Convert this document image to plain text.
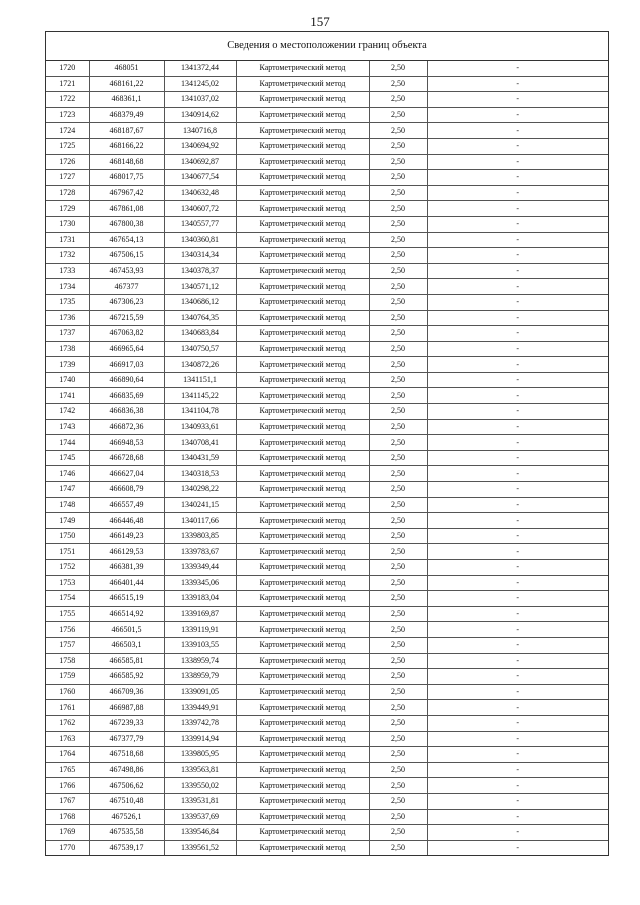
157
Сведения о местоположении границ объекта
1720	468051	1341372,44	Картометрический метод	2,50	-
1721	468161,22	1341245,02	Картометрический метод	2,50	-
1722	468361,1	1341037,02	Картометрический метод	2,50	-
1723	468379,49	1340914,62	Картометрический метод	2,50	-
1724	468187,67	1340716,8	Картометрический метод	2,50	-
1725	468166,22	1340694,92	Картометрический метод	2,50	-
1726	468148,68	1340692,87	Картометрический метод	2,50	-
1727	468017,75	1340677,54	Картометрический метод	2,50	-
1728	467967,42	1340632,48	Картометрический метод	2,50	-
1729	467861,08	1340607,72	Картометрический метод	2,50	-
1730	467800,38	1340557,77	Картометрический метод	2,50	-
1731	467654,13	1340360,81	Картометрический метод	2,50	-
1732	467506,15	1340314,34	Картометрический метод	2,50	-
1733	467453,93	1340378,37	Картометрический метод	2,50	-
1734	467377	1340571,12	Картометрический метод	2,50	-
1735	467306,23	1340686,12	Картометрический метод	2,50	-
1736	467215,59	1340764,35	Картометрический метод	2,50	-
1737	467063,82	1340683,84	Картометрический метод	2,50	-
1738	466965,64	1340750,57	Картометрический метод	2,50	-
1739	466917,03	1340872,26	Картометрический метод	2,50	-
1740	466890,64	1341151,1	Картометрический метод	2,50	-
1741	466835,69	1341145,22	Картометрический метод	2,50	-
1742	466836,38	1341104,78	Картометрический метод	2,50	-
1743	466872,36	1340933,61	Картометрический метод	2,50	-
1744	466948,53	1340708,41	Картометрический метод	2,50	-
1745	466728,68	1340431,59	Картометрический метод	2,50	-
1746	466627,04	1340318,53	Картометрический метод	2,50	-
1747	466608,79	1340298,22	Картометрический метод	2,50	-
1748	466557,49	1340241,15	Картометрический метод	2,50	-
1749	466446,48	1340117,66	Картометрический метод	2,50	-
1750	466149,23	1339803,85	Картометрический метод	2,50	-
1751	466129,53	1339783,67	Картометрический метод	2,50	-
1752	466381,39	1339349,44	Картометрический метод	2,50	-
1753	466401,44	1339345,06	Картометрический метод	2,50	-
1754	466515,19	1339183,04	Картометрический метод	2,50	-
1755	466514,92	1339169,87	Картометрический метод	2,50	-
1756	466501,5	1339119,91	Картометрический метод	2,50	-
1757	466503,1	1339103,55	Картометрический метод	2,50	-
1758	466585,81	1338959,74	Картометрический метод	2,50	-
1759	466585,92	1338959,79	Картометрический метод	2,50	-
1760	466709,36	1339091,05	Картометрический метод	2,50	-
1761	466987,88	1339449,91	Картометрический метод	2,50	-
1762	467239,33	1339742,78	Картометрический метод	2,50	-
1763	467377,79	1339914,94	Картометрический метод	2,50	-
1764	467518,68	1339805,95	Картометрический метод	2,50	-
1765	467498,86	1339563,81	Картометрический метод	2,50	-
1766	467506,62	1339550,02	Картометрический метод	2,50	-
1767	467510,48	1339531,81	Картометрический метод	2,50	-
1768	467526,1	1339537,69	Картометрический метод	2,50	-
1769	467535,58	1339546,84	Картометрический метод	2,50	-
1770	467539,17	1339561,52	Картометрический метод	2,50	-
